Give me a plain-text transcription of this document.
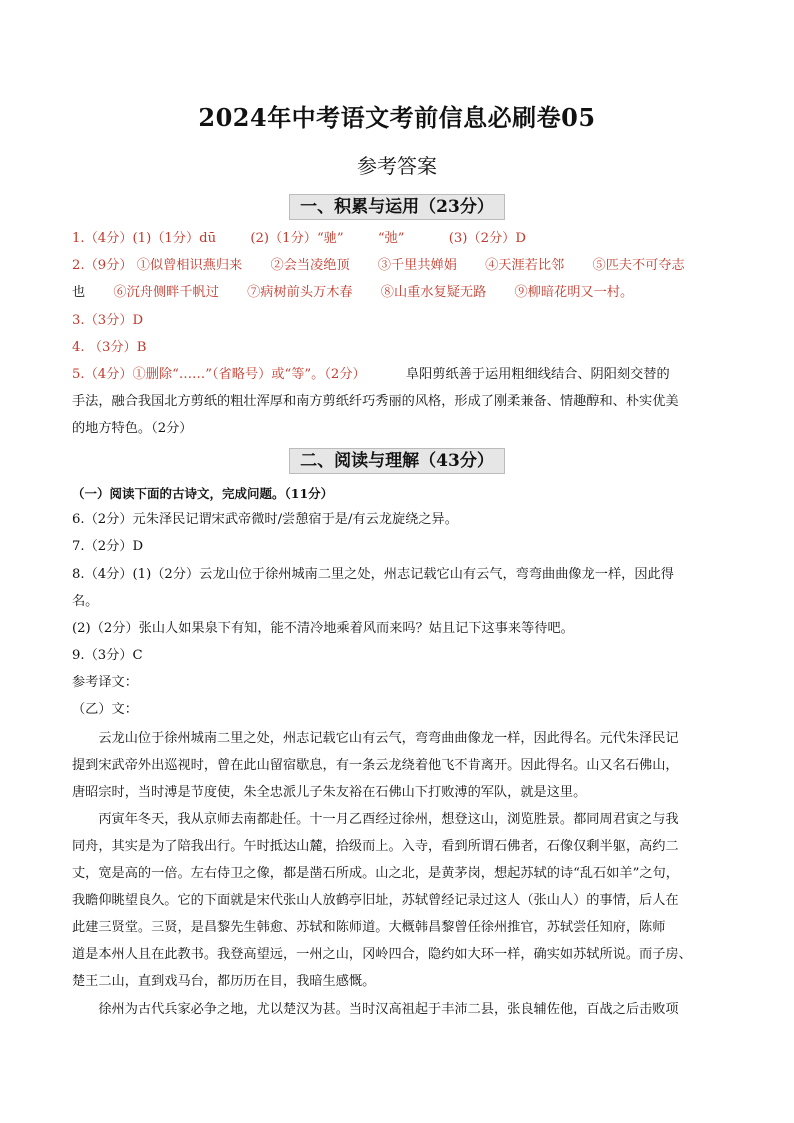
2024年中考语文考前信息必刷卷05
参考答案
一、积累与运用（23分）
1.（4分）(1)（1分）dū	(2)（1分）“驰”	“弛”	(3)（2分）D
2.（9分） ①似曾相识燕归来 ②会当凌绝顶 ③千里共婵娟 ④天涯若比邻 ⑤匹夫不可夺志
也 ⑥沉舟侧畔千帆过 ⑦病树前头万木春 ⑧山重水复疑无路 ⑨柳暗花明又一村。
3.（3分）D
4. （3分）B
5.（4分）①删除“……”（省略号）或“等”。（2分）	阜阳剪纸善于运用粗细线结合、阴阳刻交替的
手法，融合我国北方剪纸的粗壮浑厚和南方剪纸纤巧秀丽的风格，形成了刚柔兼备、情趣醇和、朴实优美
的地方特色。（2分）
二、阅读与理解（43分）
（一）阅读下面的古诗文，完成问题。（11分）
6.（2分）元朱泽民记谓宋武帝微时/尝憩宿于是/有云龙旋绕之异。
7.（2分）D
8.（4分）(1)（2分）云龙山位于徐州城南二里之处，州志记载它山有云气，弯弯曲曲像龙一样，因此得
名。
(2)（2分）张山人如果泉下有知，能不清冷地乘着风而来吗？姑且记下这事来等待吧。
9.（3分）C
参考译文：
（乙）文：
　　云龙山位于徐州城南二里之处，州志记载它山有云气，弯弯曲曲像龙一样，因此得名。元代朱泽民记
提到宋武帝外出巡视时，曾在此山留宿歇息，有一条云龙绕着他飞不肯离开。因此得名。山又名石佛山，
唐昭宗时，当时溥是节度使，朱全忠派儿子朱友裕在石佛山下打败溥的军队，就是这里。
　　丙寅年冬天，我从京师去南都赴任。十一月乙酉经过徐州，想登这山，浏览胜景。都同周君寅之与我
同舟，其实是为了陪我出行。午时抵达山麓，拾级而上。入寺，看到所谓石佛者，石像仅剩半躯，高约二
丈，宽是高的一倍。左右侍卫之像，都是凿石所成。山之北，是黄茅岗，想起苏轼的诗“乱石如羊”之句，
我瞻仰眺望良久。它的下面就是宋代张山人放鹤亭旧址，苏轼曾经记录过这人（张山人）的事情，后人在
此建三贤堂。三贤，是昌黎先生韩愈、苏轼和陈师道。大概韩昌黎曾任徐州推官，苏轼尝任知府，陈师
道是本州人且在此教书。我登高望远，一州之山，冈岭四合，隐约如大环一样，确实如苏轼所说。而子房、
楚王二山，直到戏马台，都历历在目，我暗生感慨。
　　徐州为古代兵家必争之地，尤以楚汉为甚。当时汉高祖起于丰沛二县，张良辅佐他，百战之后击败项
